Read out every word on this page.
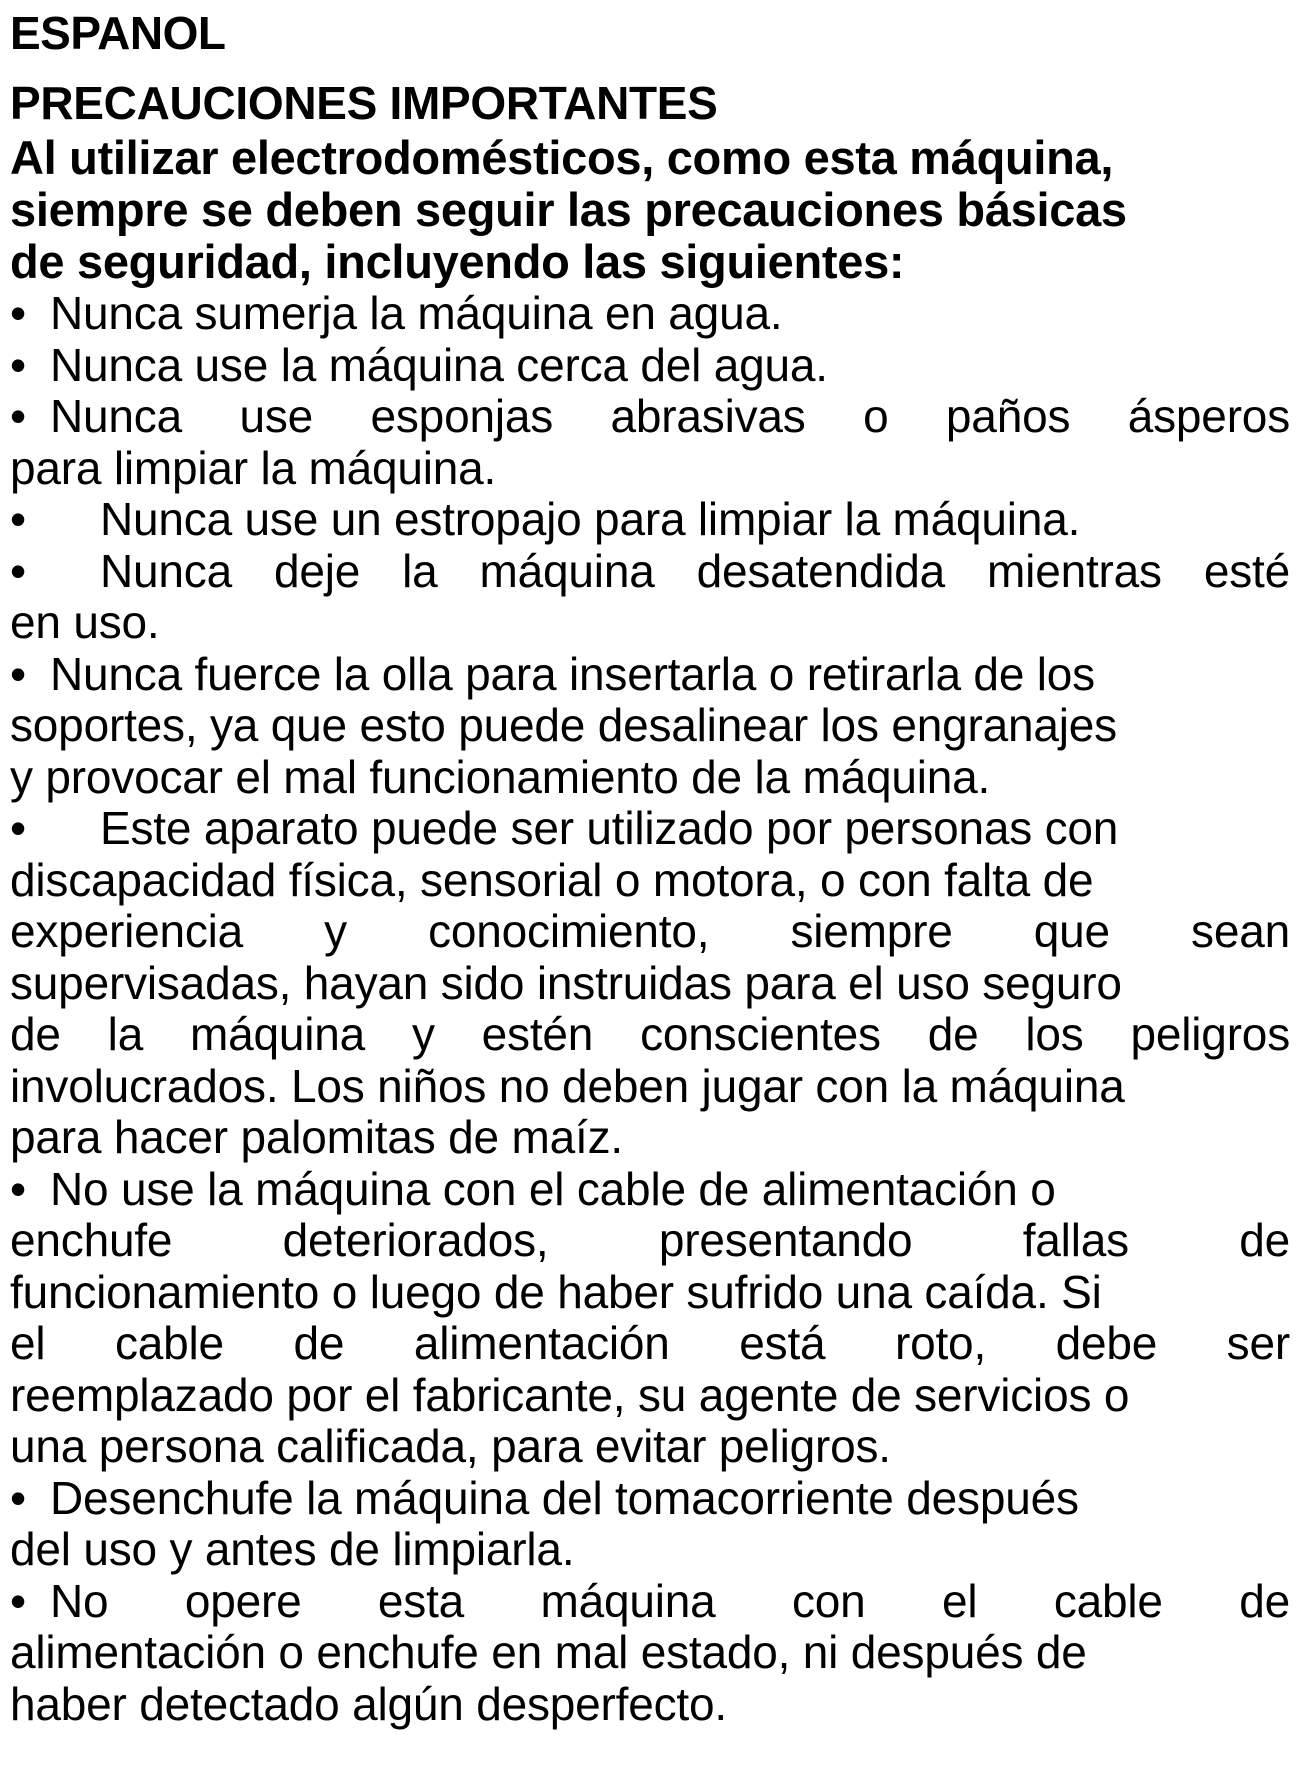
ESPANOL
PRECAUCIONES IMPORTANTES
Al utilizar electrodomésticos, como esta máquina,
siempre se deben seguir las precauciones básicas
de seguridad, incluyendo las siguientes:
• Nunca sumerja la máquina en agua.
• Nunca use la máquina cerca del agua.
• Nunca use esponjas abrasivas o paños ásperos
para limpiar la máquina.
• Nunca use un estropajo para limpiar la máquina.
• Nunca deje la máquina desatendida mientras esté
en uso.
• Nunca fuerce la olla para insertarla o retirarla de los
soportes, ya que esto puede desalinear los engranajes
y provocar el mal funcionamiento de la máquina.
• Este aparato puede ser utilizado por personas con
discapacidad física, sensorial o motora, o con falta de
experiencia y conocimiento, siempre que sean
supervisadas, hayan sido instruidas para el uso seguro
de la máquina y estén conscientes de los peligros
involucrados. Los niños no deben jugar con la máquina
para hacer palomitas de maíz.
• No use la máquina con el cable de alimentación o
enchufe deteriorados, presentando fallas de
funcionamiento o luego de haber sufrido una caída. Si
el cable de alimentación está roto, debe ser
reemplazado por el fabricante, su agente de servicios o
una persona calificada, para evitar peligros.
• Desenchufe la máquina del tomacorriente después
del uso y antes de limpiarla.
• No opere esta máquina con el cable de
alimentación o enchufe en mal estado, ni después de
haber detectado algún desperfecto.
